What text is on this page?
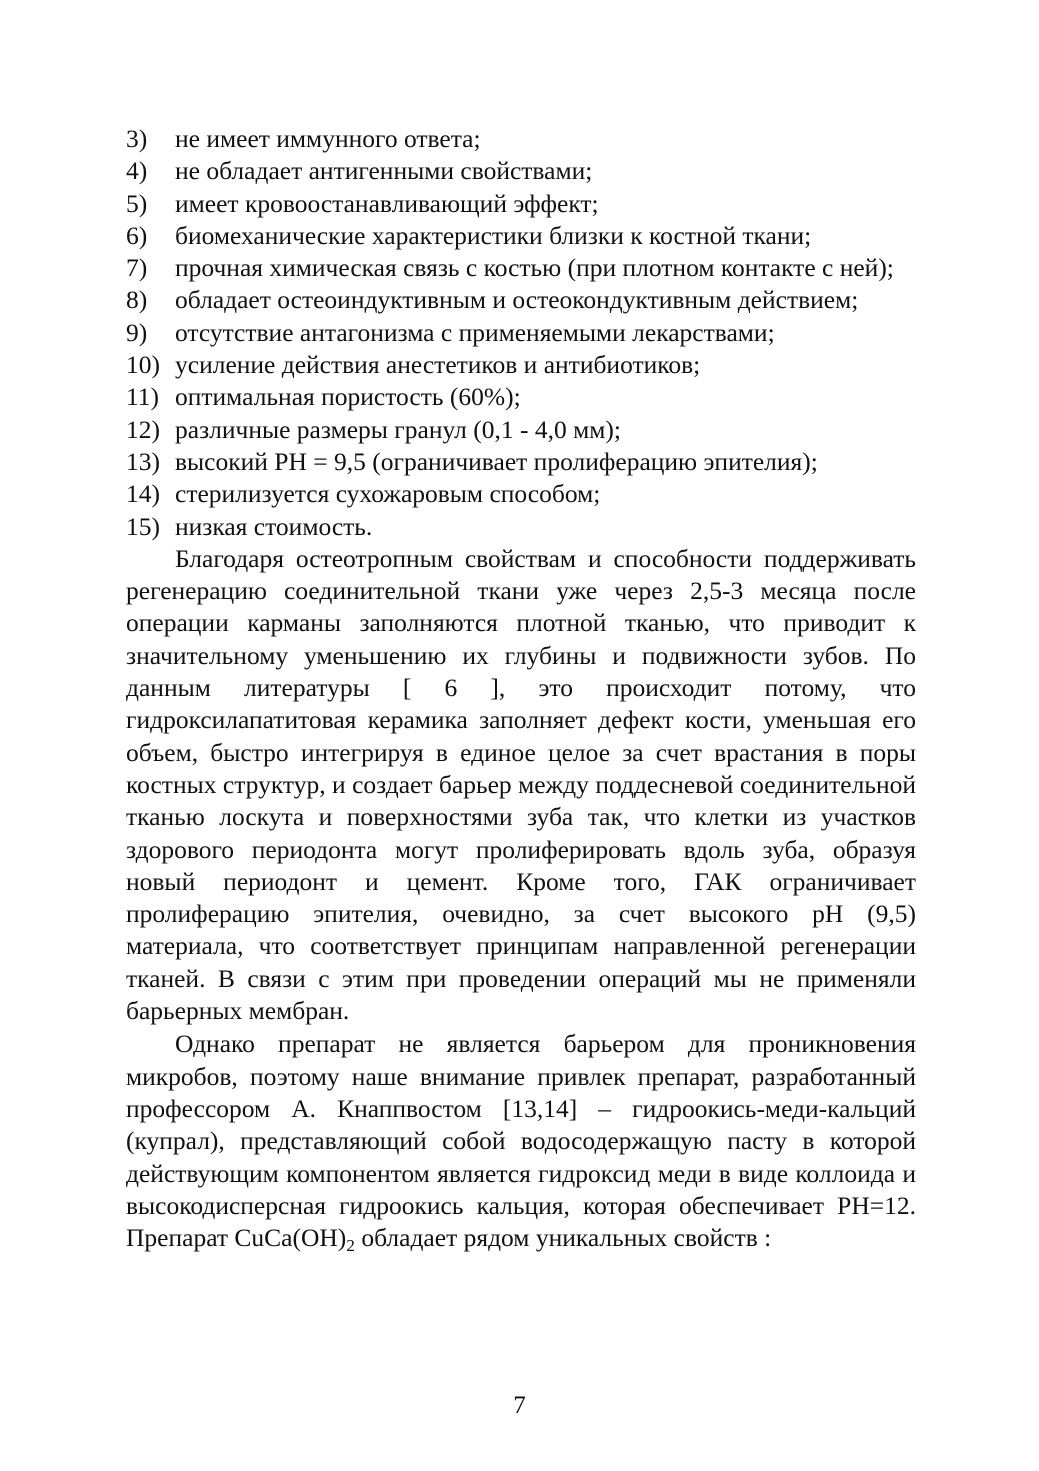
3) не имеет иммунного ответа;
4) не обладает антигенными свойствами;
5) имеет кровоостанавливающий эффект;
6) биомеханические характеристики близки к костной ткани;
7) прочная химическая связь с костью (при плотном контакте с ней);
8) обладает остеоиндуктивным и остеокондуктивным действием;
9) отсутствие антагонизма с применяемыми лекарствами;
10) усиление действия анестетиков и антибиотиков;
11) оптимальная пористость (60%);
12) различные размеры гранул (0,1 - 4,0 мм);
13) высокий PH = 9,5 (ограничивает пролиферацию эпителия);
14) стерилизуется сухожаровым способом;
15) низкая стоимость.

Благодаря остеотропным свойствам и способности поддерживать регенерацию соединительной ткани уже через 2,5-3 месяца после операции карманы заполняются плотной тканью, что приводит к значительному уменьшению их глубины и подвижности зубов. По данным литературы [ 6 ], это происходит потому, что гидроксилапатитовая керамика заполняет дефект кости, уменьшая его объем, быстро интегрируя в единое целое за счет врастания в поры костных структур, и создает барьер между поддесневой соединительной тканью лоскута и поверхностями зуба так, что клетки из участков здорового периодонта могут пролиферировать вдоль зуба, образуя новый периодонт и цемент. Кроме того, ГАК ограничивает пролиферацию эпителия, очевидно, за счет высокого pH (9,5) материала, что соответствует принципам направленной регенерации тканей. В связи с этим при проведении операций мы не применяли барьерных мембран.

Однако препарат не является барьером для проникновения микробов, поэтому наше внимание привлек препарат, разработанный профессором А. Кнаппвостом [13,14] – гидроокись-меди-кальций (купрал), представляющий собой водосодержащую пасту в которой действующим компонентом является гидроксид меди в виде коллоида и высокодисперсная гидроокись кальция, которая обеспечивает PH=12. Препарат $CuCa(OH)_2$ обладает рядом уникальных свойств :

7
